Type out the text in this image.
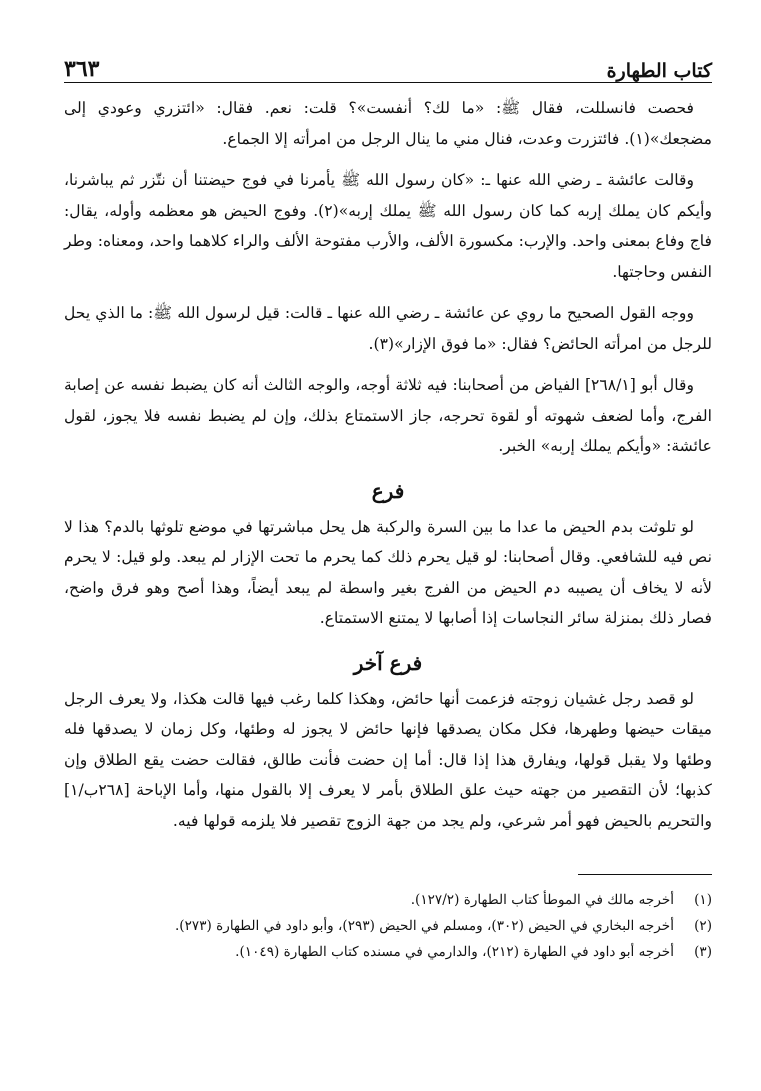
كتاب الطهارة
٣٦٣

فحصت فانسللت، فقال ﷺ: «ما لك؟ أنفست»؟ قلت: نعم. فقال: «ائتزري وعودي إلى مضجعك»(١). فائتزرت وعدت، فنال مني ما ينال الرجل من امرأته إلا الجماع.

وقالت عائشة ـ رضي الله عنها ـ: «كان رسول الله ﷺ يأمرنا في فوج حيضتنا أن نتّزر ثم يباشرنا، وأيكم كان يملك إربه كما كان رسول الله ﷺ يملك إربه»(٢). وفوج الحيض هو معظمه وأوله، يقال: فاج وفاع بمعنى واحد. والإرب: مكسورة الألف، والأرب مفتوحة الألف والراء كلاهما واحد، ومعناه: وطر النفس وحاجتها.

ووجه القول الصحيح ما روي عن عائشة ـ رضي الله عنها ـ قالت: قيل لرسول الله ﷺ: ما الذي يحل للرجل من امرأته الحائض؟ فقال: «ما فوق الإزار»(٣).

وقال أبو [٢٦٨/١] الفياض من أصحابنا: فيه ثلاثة أوجه، والوجه الثالث أنه كان يضبط نفسه عن إصابة الفرج، وأما لضعف شهوته أو لقوة تحرجه، جاز الاستمتاع بذلك، وإن لم يضبط نفسه فلا يجوز، لقول عائشة: «وأيكم يملك إربه» الخبر.

فرع

لو تلوثت بدم الحيض ما عدا ما بين السرة والركبة هل يحل مباشرتها في موضع تلوثها بالدم؟ هذا لا نص فيه للشافعي. وقال أصحابنا: لو قيل يحرم ذلك كما يحرم ما تحت الإزار لم يبعد. ولو قيل: لا يحرم لأنه لا يخاف أن يصيبه دم الحيض من الفرج بغير واسطة لم يبعد أيضاً، وهذا أصح وهو فرق واضح، فصار ذلك بمنزلة سائر النجاسات إذا أصابها لا يمتنع الاستمتاع.

فرع آخر

لو قصد رجل غشيان زوجته فزعمت أنها حائض، وهكذا كلما رغب فيها قالت هكذا، ولا يعرف الرجل ميقات حيضها وطهرها، فكل مكان يصدقها فإنها حائض لا يجوز له وطئها، وكل زمان لا يصدقها فله وطئها ولا يقبل قولها، ويفارق هذا إذا قال: أما إن حضت فأنت طالق، فقالت حضت يقع الطلاق وإن كذبها؛ لأن التقصير من جهته حيث علق الطلاق بأمر لا يعرف إلا بالقول منها، وأما الإباحة [٢٦٨ب/١] والتحريم بالحيض فهو أمر شرعي، ولم يجد من جهة الزوج تقصير فلا يلزمه قولها فيه.

(١)
أخرجه مالك في الموطأ كتاب الطهارة (١٢٧/٢).
(٢)
أخرجه البخاري في الحيض (٣٠٢)، ومسلم في الحيض (٢٩٣)، وأبو داود في الطهارة (٢٧٣).
(٣)
أخرجه أبو داود في الطهارة (٢١٢)، والدارمي في مسنده كتاب الطهارة (١٠٤٩).
